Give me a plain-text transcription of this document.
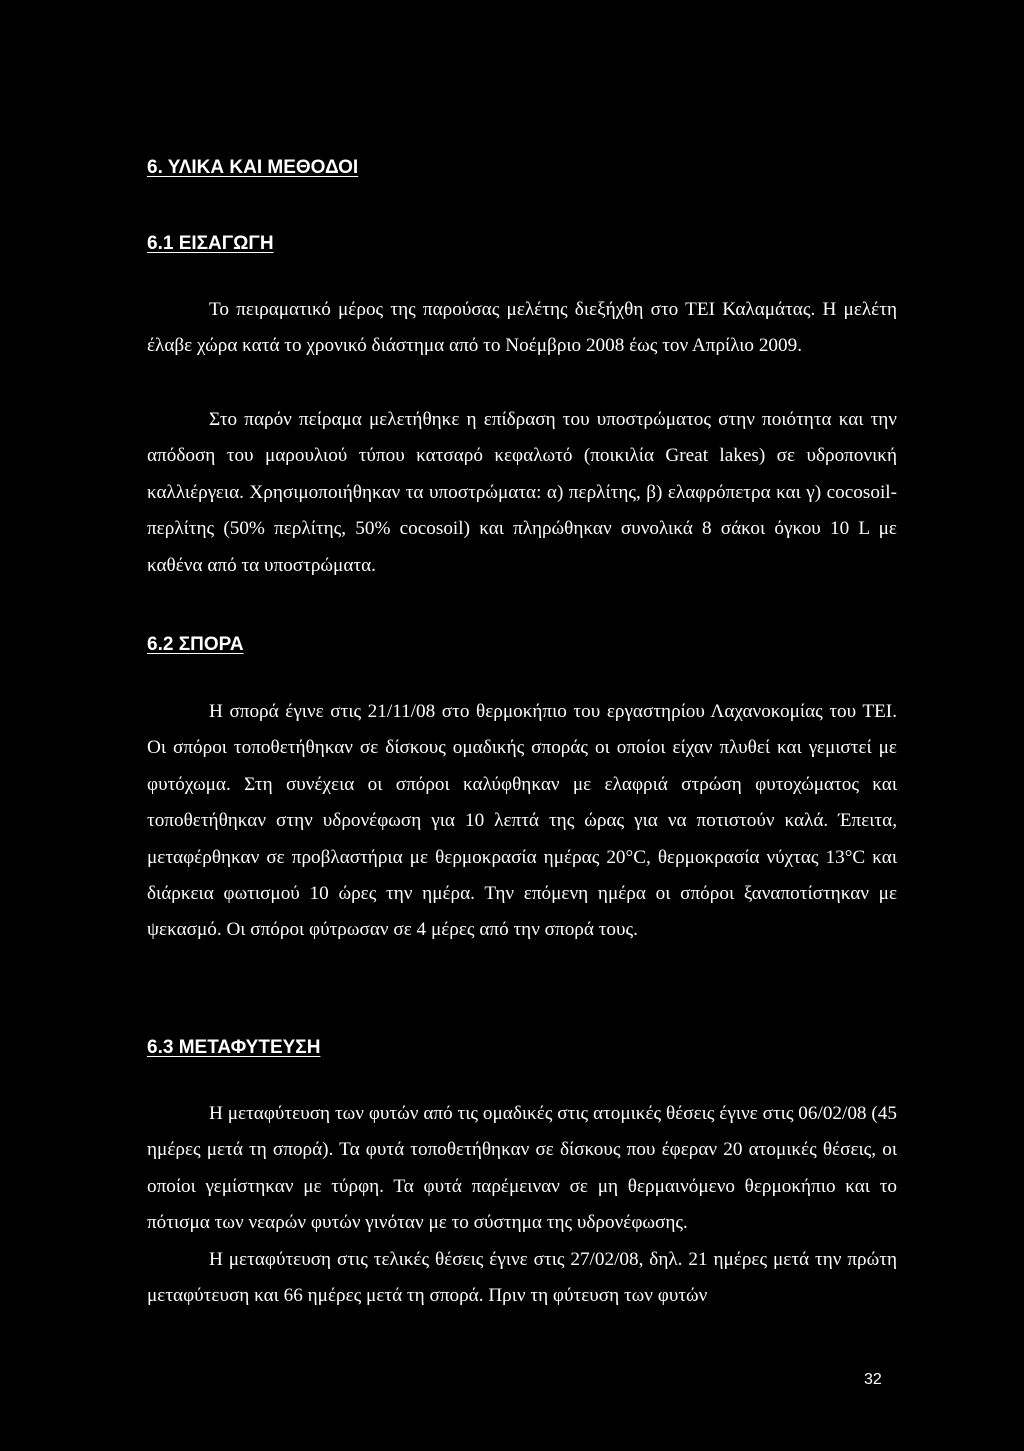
6. ΥΛΙΚΑ ΚΑΙ ΜΕΘΟΔΟΙ
6.1 ΕΙΣΑΓΩΓΗ

Το πειραματικό μέρος της παρούσας μελέτης διεξήχθη στο ΤΕΙ Καλαμάτας. Η μελέτη έλαβε χώρα κατά το χρονικό διάστημα από το Νοέμβριο 2008 έως τον Απρίλιο 2009.

Στο παρόν πείραμα μελετήθηκε η επίδραση του υποστρώματος στην ποιότητα και την απόδοση του μαρουλιού τύπου κατσαρό κεφαλωτό (ποικιλία Great lakes) σε υδροπονική καλλιέργεια. Χρησιμοποιήθηκαν τα υποστρώματα: α) περλίτης, β) ελαφρόπετρα και γ) cocosoil-περλίτης (50% περλίτης, 50% cocosoil) και πληρώθηκαν συνολικά 8 σάκοι όγκου 10 L με καθένα από τα υποστρώματα.

6.2 ΣΠΟΡΑ

Η σπορά έγινε στις 21/11/08 στο θερμοκήπιο του εργαστηρίου Λαχανοκομίας του ΤΕΙ. Οι σπόροι τοποθετήθηκαν σε δίσκους ομαδικής σποράς οι οποίοι είχαν πλυθεί και γεμιστεί με φυτόχωμα. Στη συνέχεια οι σπόροι καλύφθηκαν με ελαφριά στρώση φυτοχώματος και τοποθετήθηκαν στην υδρονέφωση για 10 λεπτά της ώρας για να ποτιστούν καλά. Έπειτα, μεταφέρθηκαν σε προβλαστήρια με θερμοκρασία ημέρας 20°C, θερμοκρασία νύχτας 13°C και διάρκεια φωτισμού 10 ώρες την ημέρα. Την επόμενη ημέρα οι σπόροι ξαναποτίστηκαν με ψεκασμό. Οι σπόροι φύτρωσαν σε 4 μέρες από την σπορά τους.

6.3 ΜΕΤΑΦΥΤΕΥΣΗ

Η μεταφύτευση των φυτών από τις ομαδικές στις ατομικές θέσεις έγινε στις 06/02/08 (45 ημέρες μετά τη σπορά). Τα φυτά τοποθετήθηκαν σε δίσκους που έφεραν 20 ατομικές θέσεις, οι οποίοι γεμίστηκαν με τύρφη. Τα φυτά παρέμειναν σε μη θερμαινόμενο θερμοκήπιο και το πότισμα των νεαρών φυτών γινόταν με το σύστημα της υδρονέφωσης.

Η μεταφύτευση στις τελικές θέσεις έγινε στις 27/02/08, δηλ. 21 ημέρες μετά την πρώτη μεταφύτευση και 66 ημέρες μετά τη σπορά. Πριν τη φύτευση των φυτών

32
